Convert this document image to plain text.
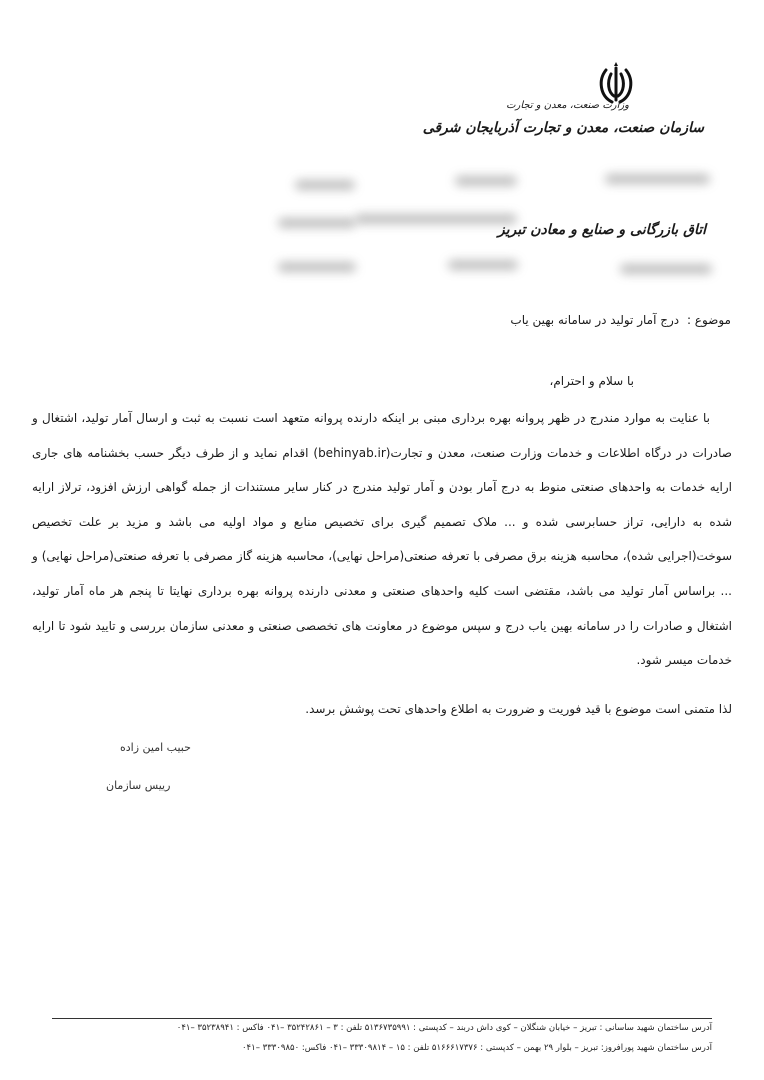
وزارت صنعت، معدن و تجارت
سازمان صنعت، معدن و تجارت آذربایجان شرقی
اتاق بازرگانی و صنایع و معادن تبریز
موضوع : درج آمار تولید در سامانه بهین یاب
با سلام و احترام،
با عنایت به موارد مندرج در ظهر پروانه بهره برداری مبنی بر اینکه دارنده پروانه متعهد است نسبت به ثبت و ارسال آمار تولید، اشتغال و صادرات در درگاه اطلاعات و خدمات وزارت صنعت، معدن و تجارت(behinyab.ir) اقدام نماید و از طرف دیگر حسب بخشنامه های جاری ارایه خدمات به واحدهای صنعتی منوط به درج آمار بودن و آمار تولید مندرج در کنار سایر مستندات از جمله گواهی ارزش افزود، ترلاز ارایه شده به دارایی، تراز حسابرسی شده و ... ملاک تصمیم گیری برای تخصیص منابع و مواد اولیه می باشد و مزید بر علت تخصیص سوخت(اجرایی شده)، محاسبه هزینه برق مصرفی با تعرفه صنعتی(مراحل نهایی)، محاسبه هزینه گاز مصرفی با تعرفه صنعتی(مراحل نهایی) و ... براساس آمار تولید می باشد، مقتضی است کلیه واحدهای صنعتی و معدنی دارنده پروانه بهره برداری نهایتا تا پنجم هر ماه آمار تولید، اشتغال و صادرات را در سامانه بهین یاب درج و سپس موضوع در معاونت های تخصصی صنعتی و معدنی سازمان بررسی و تایید شود تا ارایه خدمات میسر شود.
لذا متمنی است موضوع با قید فوریت و ضرورت به اطلاع واحدهای تحت پوشش برسد.
حبیب امین زاده
رییس سازمان
آدرس ساختمان شهید ساسانی : تبریز – خیابان شنگلان – کوی داش دربند – کدپستی : ۵۱۳۶۷۳۵۹۹۱ تلفن : ۳ – ۳۵۲۴۲۸۶۱ –۰۴۱ فاکس : ۳۵۲۳۸۹۴۱ –۰۴۱
آدرس ساختمان شهید پورافروز: تبریز – بلوار ۲۹ بهمن – کدپستی : ۵۱۶۶۶۱۷۳۷۶ تلفن : ۱۵ – ۳۳۳۰۹۸۱۴ –۰۴۱ فاکس: ۳۳۳۰۹۸۵۰ –۰۴۱
